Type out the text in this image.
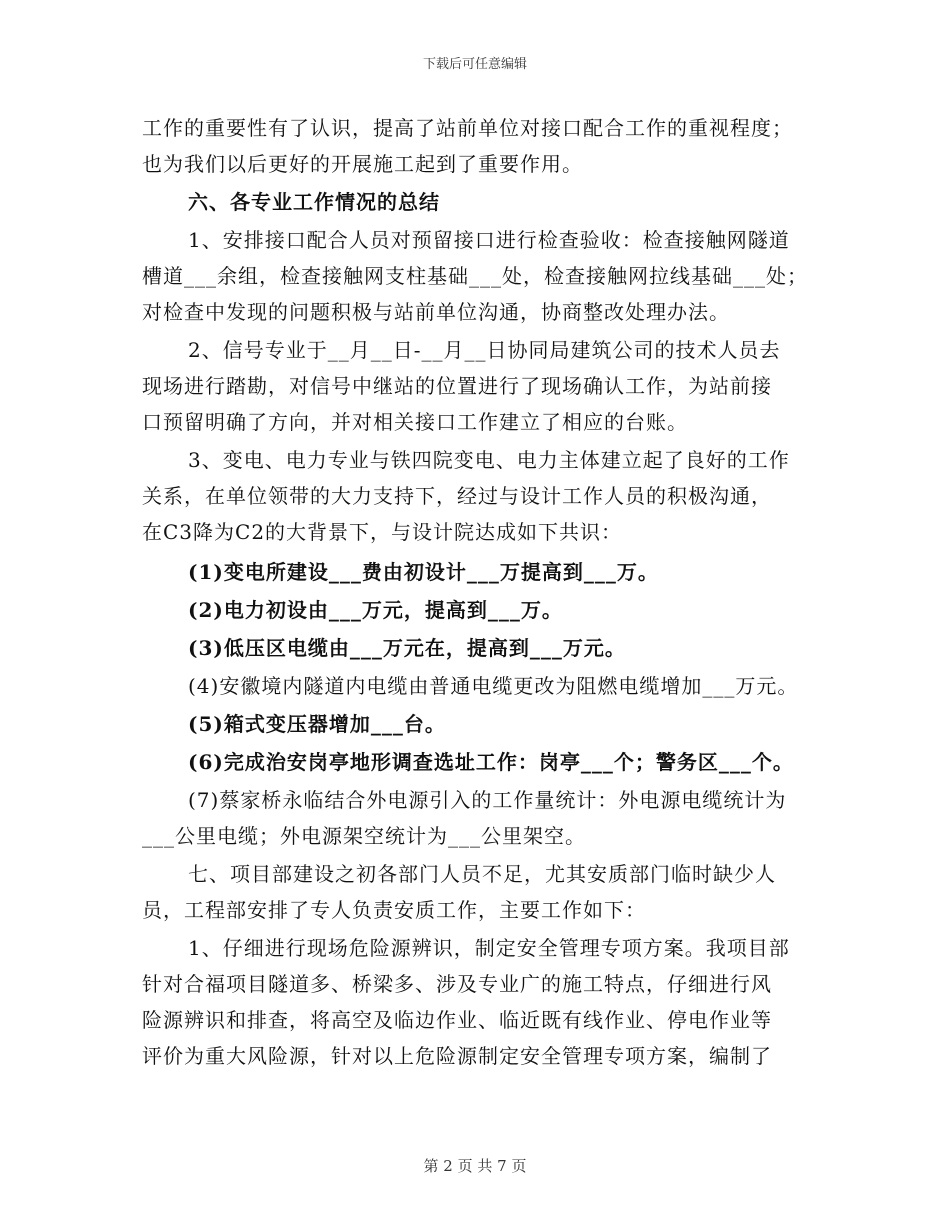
下载后可任意编辑
工作的重要性有了认识，提高了站前单位对接口配合工作的重视程度；
也为我们以后更好的开展施工起到了重要作用。
六、各专业工作情况的总结
1、安排接口配合人员对预留接口进行检查验收：检查接触网隧道
槽道___余组，检查接触网支柱基础___处，检查接触网拉线基础___处；
对检查中发现的问题积极与站前单位沟通，协商整改处理办法。
2、信号专业于__月__日-__月__日协同局建筑公司的技术人员去
现场进行踏勘，对信号中继站的位置进行了现场确认工作，为站前接
口预留明确了方向，并对相关接口工作建立了相应的台账。
3、变电、电力专业与铁四院变电、电力主体建立起了良好的工作
关系，在单位领带的大力支持下，经过与设计工作人员的积极沟通，
在C3降为C2的大背景下，与设计院达成如下共识：
(1)变电所建设___费由初设计___万提高到___万。
(2)电力初设由___万元，提高到___万。
(3)低压区电缆由___万元在，提高到___万元。
(4)安徽境内隧道内电缆由普通电缆更改为阻燃电缆增加___万元。
(5)箱式变压器增加___台。
(6)完成治安岗亭地形调查选址工作：岗亭___个；警务区___个。
(7)蔡家桥永临结合外电源引入的工作量统计：外电源电缆统计为
___公里电缆；外电源架空统计为___公里架空。
七、项目部建设之初各部门人员不足，尤其安质部门临时缺少人
员，工程部安排了专人负责安质工作，主要工作如下：
1、仔细进行现场危险源辨识，制定安全管理专项方案。我项目部
针对合福项目隧道多、桥梁多、涉及专业广的施工特点，仔细进行风
险源辨识和排查，将高空及临边作业、临近既有线作业、停电作业等
评价为重大风险源，针对以上危险源制定安全管理专项方案，编制了
第 2 页 共 7 页
